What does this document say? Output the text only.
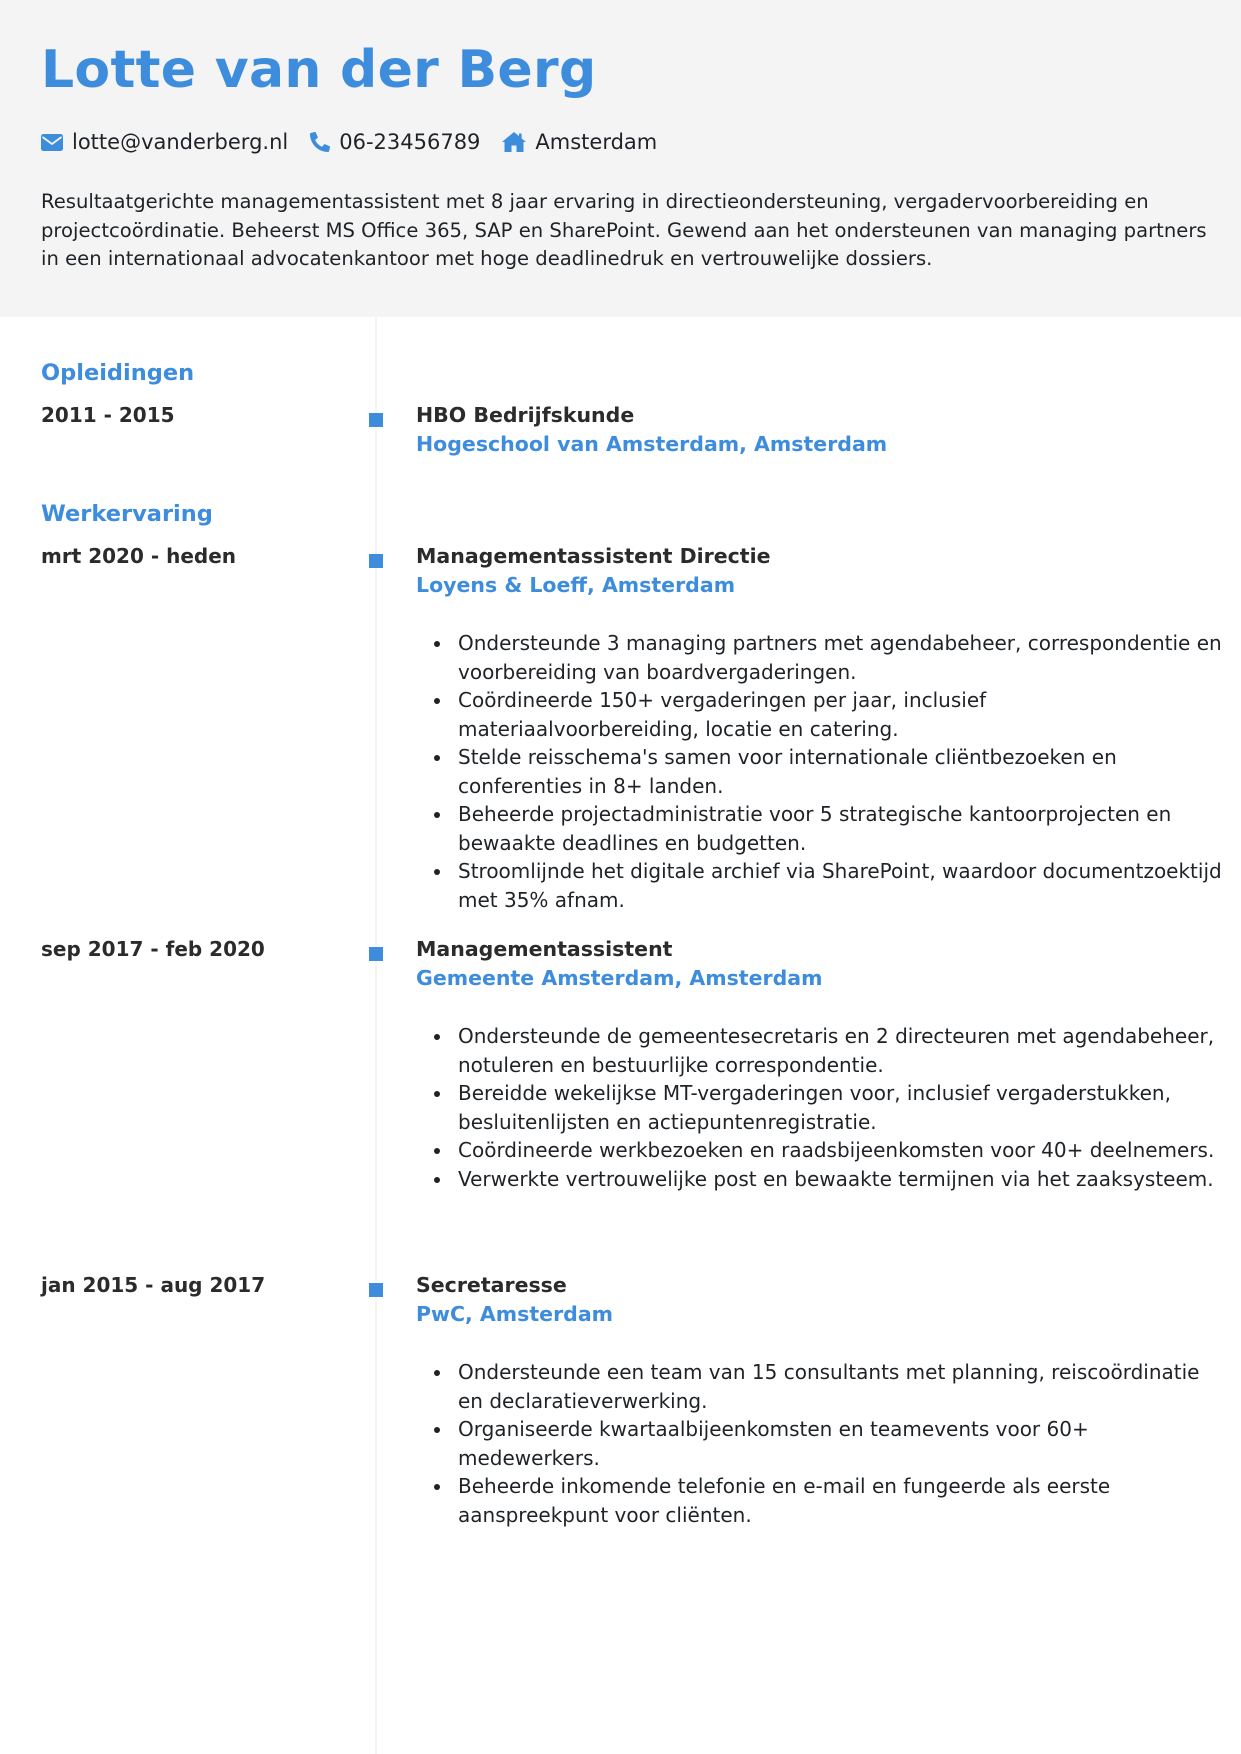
Lotte van der Berg
lotte@vanderberg.nl 06-23456789	Amsterdam

Resultaatgerichte managementassistent met 8 jaar ervaring in directieondersteuning, vergadervoorbereiding en projectcoördinatie. Beheerst MS Office 365, SAP en SharePoint. Gewend aan het ondersteunen van managing partners in een internationaal advocatenkantoor met hoge deadlinedruk en vertrouwelijke dossiers.

Opleidingen
2011 - 2015	HBO Bedrijfskunde
Hogeschool van Amsterdam, Amsterdam
Werkervaring
mrt 2020 - heden	Managementassistent Directie
Loyens & Loeff, Amsterdam
Ondersteunde 3 managing partners met agendabeheer, correspondentie en voorbereiding van boardvergaderingen.
Coördineerde 150+ vergaderingen per jaar, inclusief materiaalvoorbereiding, locatie en catering.
Stelde reisschema's samen voor internationale cliëntbezoeken en conferenties in 8+ landen.
Beheerde projectadministratie voor 5 strategische kantoorprojecten en bewaakte deadlines en budgetten.
Stroomlijnde het digitale archief via SharePoint, waardoor documentzoektijd met 35% afnam.
sep 2017 - feb 2020	Managementassistent
Gemeente Amsterdam, Amsterdam
Ondersteunde de gemeentesecretaris en 2 directeuren met agendabeheer, notuleren en bestuurlijke correspondentie.
Bereidde wekelijkse MT-vergaderingen voor, inclusief vergaderstukken, besluitenlijsten en actiepuntenregistratie.
Coördineerde werkbezoeken en raadsbijeenkomsten voor 40+ deelnemers.
Verwerkte vertrouwelijke post en bewaakte termijnen via het zaaksysteem.
jan 2015 - aug 2017	Secretaresse
PwC, Amsterdam
Ondersteunde een team van 15 consultants met planning, reiscoördinatie en declaratieverwerking.
Organiseerde kwartaalbijeenkomsten en teamevents voor 60+ medewerkers.
Beheerde inkomende telefonie en e-mail en fungeerde als eerste aanspreekpunt voor cliënten.
